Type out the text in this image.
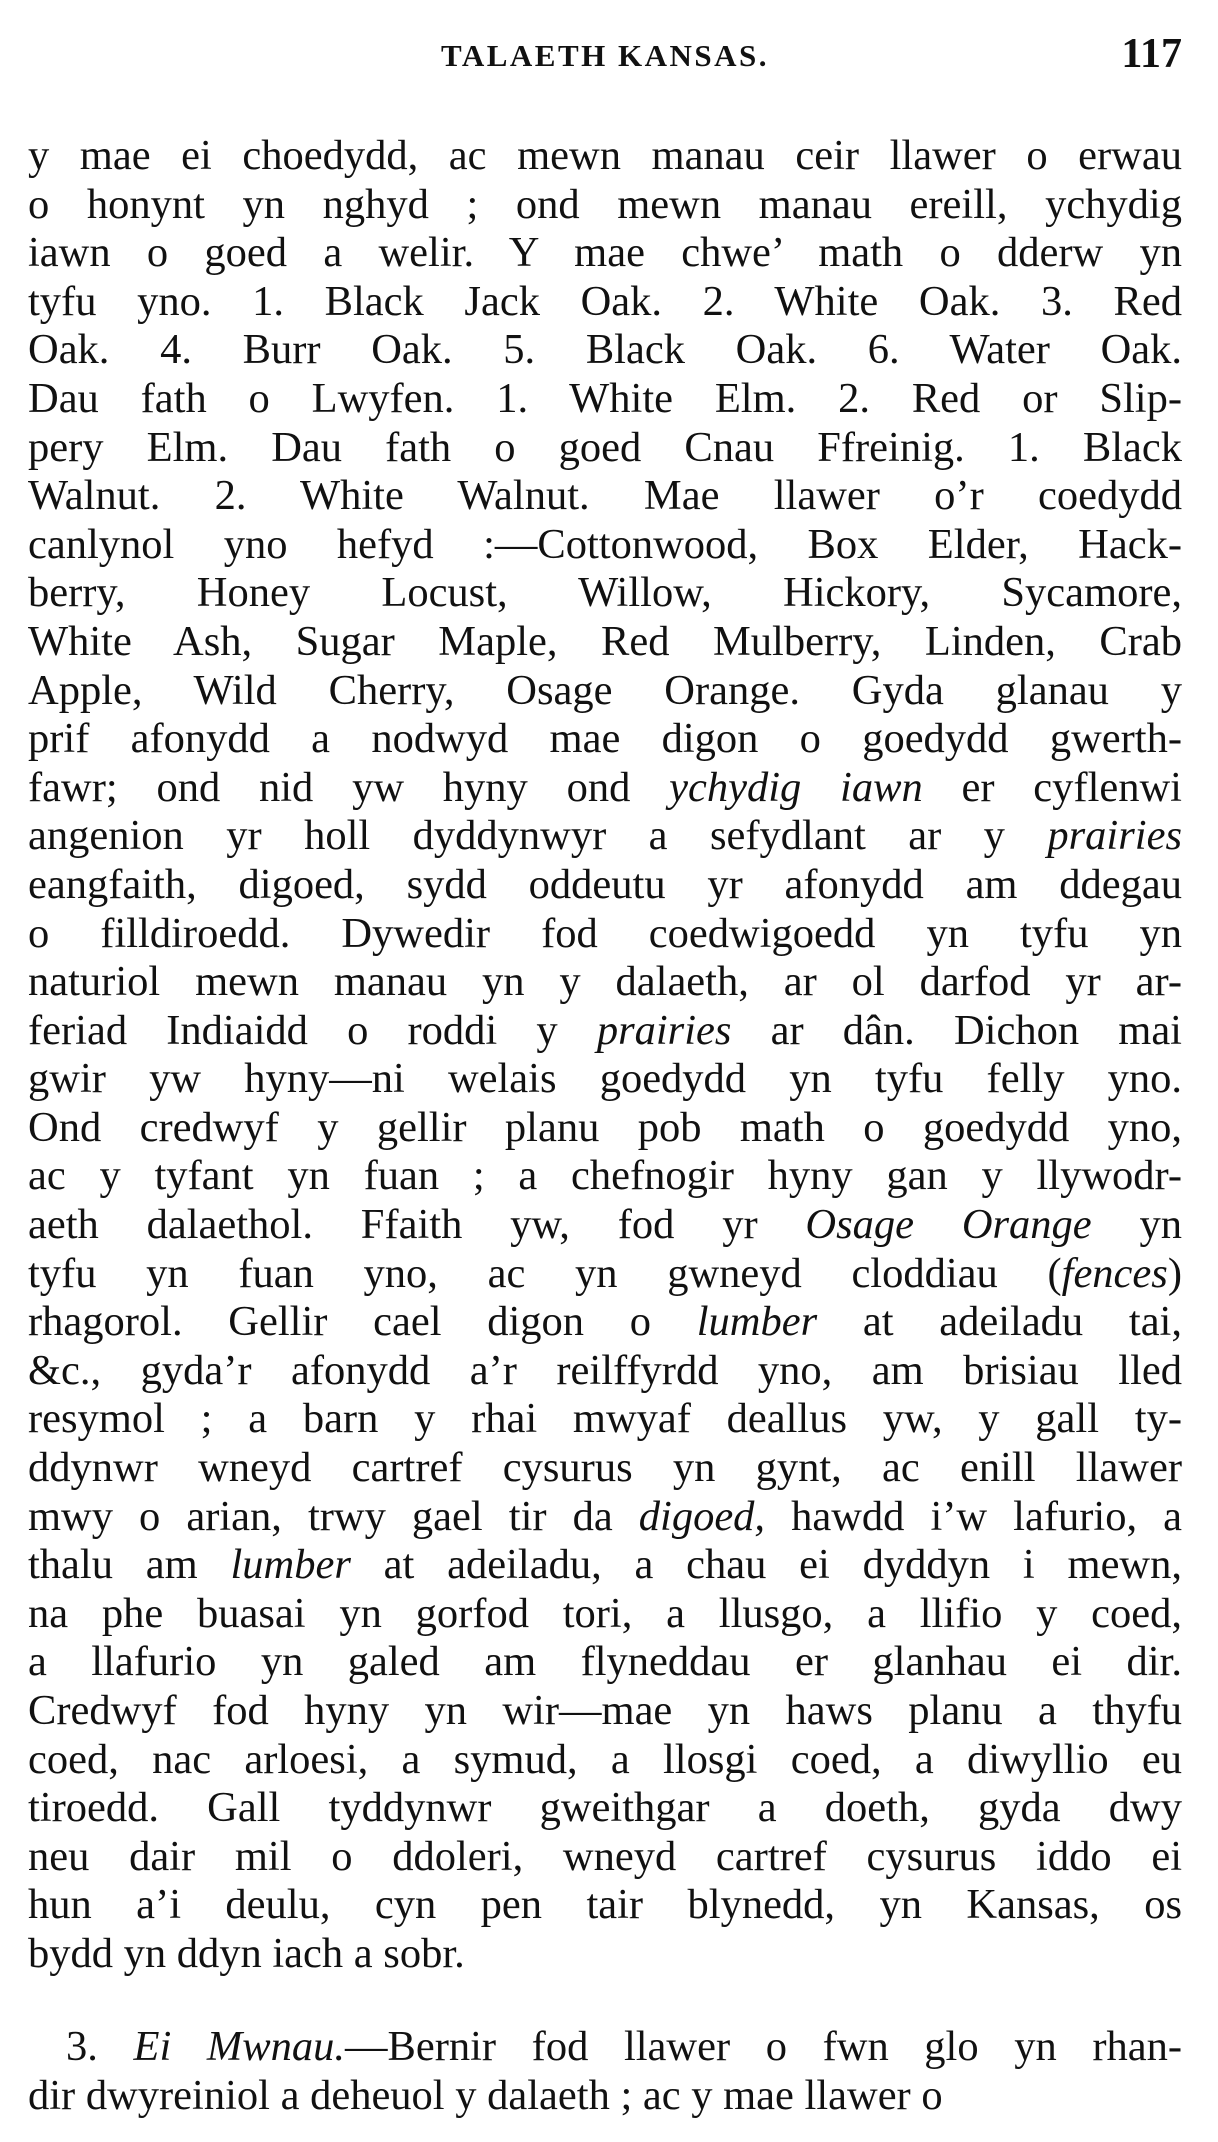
TALAETH KANSAS.	117
y mae ei choedydd, ac mewn manau ceir llawer o erwau
o honynt yn nghyd ; ond mewn manau ereill, ychydig
iawn o goed a welir. Y mae chwe’ math o dderw yn
tyfu yno. 1. Black Jack Oak. 2. White Oak. 3. Red
Oak. 4. Burr Oak. 5. Black Oak. 6. Water Oak.
Dau fath o Lwyfen. 1. White Elm. 2. Red or Slip-
pery Elm. Dau fath o goed Cnau Ffreinig. 1. Black
Walnut. 2. White Walnut. Mae llawer o’r coedydd
canlynol yno hefyd :—Cottonwood, Box Elder, Hack-
berry, Honey Locust, Willow, Hickory, Sycamore,
White Ash, Sugar Maple, Red Mulberry, Linden, Crab
Apple, Wild Cherry, Osage Orange. Gyda glanau y
prif afonydd a nodwyd mae digon o goedydd gwerth-
fawr; ond nid yw hyny ond ychydig iawn er cyflenwi
angenion yr holl dyddynwyr a sefydlant ar y prairies
eangfaith, digoed, sydd oddeutu yr afonydd am ddegau
o filldiroedd. Dywedir fod coedwigoedd yn tyfu yn
naturiol mewn manau yn y dalaeth, ar ol darfod yr ar-
feriad Indiaidd o roddi y prairies ar dân. Dichon mai
gwir yw hyny—ni welais goedydd yn tyfu felly yno.
Ond credwyf y gellir planu pob math o goedydd yno,
ac y tyfant yn fuan ; a chefnogir hyny gan y llywodr-
aeth dalaethol. Ffaith yw, fod yr Osage Orange yn
tyfu yn fuan yno, ac yn gwneyd cloddiau (fences)
rhagorol. Gellir cael digon o lumber at adeiladu tai,
&c., gyda’r afonydd a’r reilffyrdd yno, am brisiau lled
resymol ; a barn y rhai mwyaf deallus yw, y gall ty-
ddynwr wneyd cartref cysurus yn gynt, ac enill llawer
mwy o arian, trwy gael tir da digoed, hawdd i’w lafurio, a
thalu am lumber at adeiladu, a chau ei dyddyn i mewn,
na phe buasai yn gorfod tori, a llusgo, a llifio y coed,
a llafurio yn galed am flyneddau er glanhau ei dir.
Credwyf fod hyny yn wir—mae yn haws planu a thyfu
coed, nac arloesi, a symud, a llosgi coed, a diwyllio eu
tiroedd. Gall tyddynwr gweithgar a doeth, gyda dwy
neu dair mil o ddoleri, wneyd cartref cysurus iddo ei
hun a’i deulu, cyn pen tair blynedd, yn Kansas, os
bydd yn ddyn iach a sobr.
3. Ei Mwnau.—Bernir fod llawer o fwn glo yn rhan-
dir dwyreiniol a deheuol y dalaeth ; ac y mae llawer o
